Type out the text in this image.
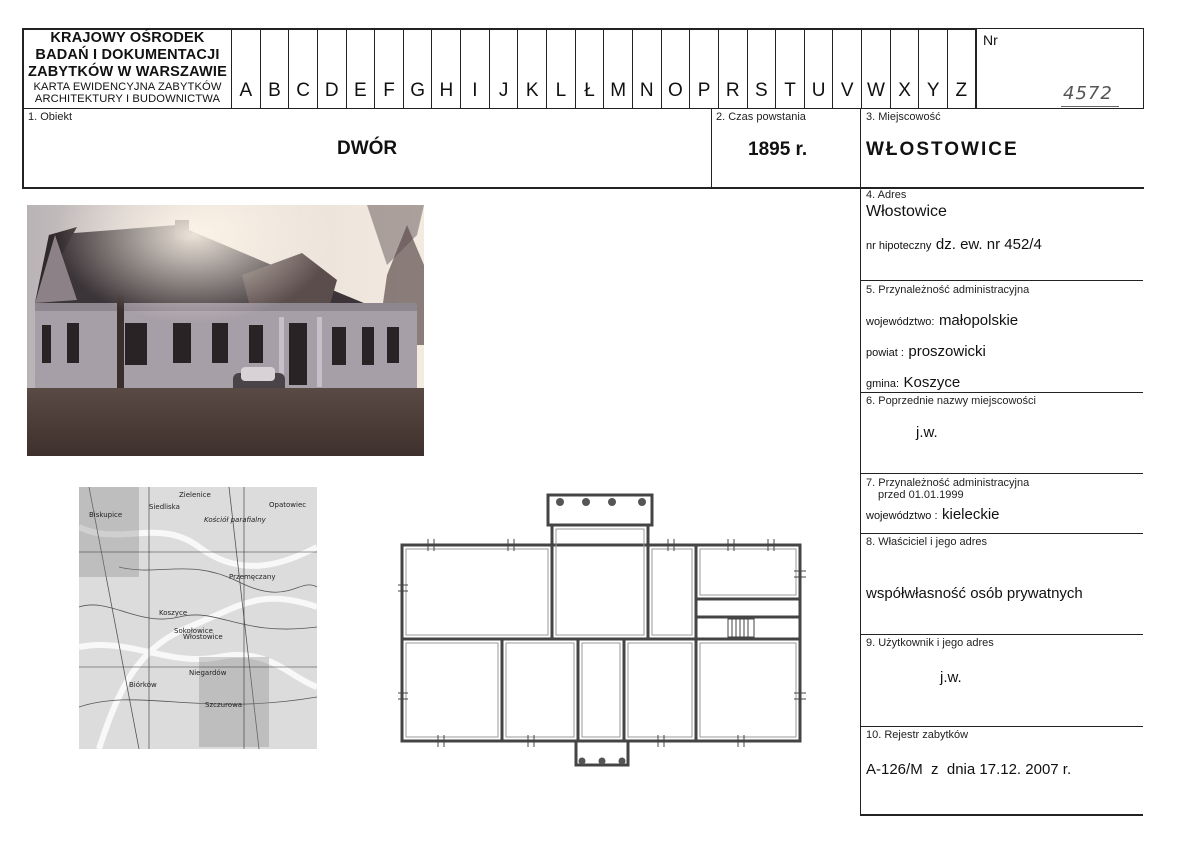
KRAJOWY OŚRODEK
BADAŃ I DOKUMENTACJI
ZABYTKÓW W WARSZAWIE
KARTA EWIDENCYJNA ZABYTKÓW
ARCHITEKTURY I BUDOWNICTWA	A B C D E F G H	I	J K L Ł M N O P R S T U V W X Y Z
Nr
4572
1. Obiekt
DWÓR
2. Czas powstania
1895 r.
3. Miejscowość
WŁOSTOWICE
4. Adres
Włostowice
nr hipoteczny dz. ew. nr 452/4
5. Przynależność administracyjna
województwo: małopolskie
powiat : proszowicki
gmina: Koszyce
6. Poprzednie nazwy miejscowości
j.w.
7. Przynależność administracyjna
przed 01.01.1999
województwo : kieleckie
8. Właściciel i jego adres
współwłasność osób prywatnych
9. Użytkownik i jego adres
j.w.
10. Rejestr zabytków
A-126/M  z  dnia 17.12. 2007 r.
Koszyce
Włostowice
Sokołowice
Biskupice
Zielenice
Siedliska
Przemęczany
Niegardów
Szczurowa
Biórków
Kościół parafialny
Opatowiec
